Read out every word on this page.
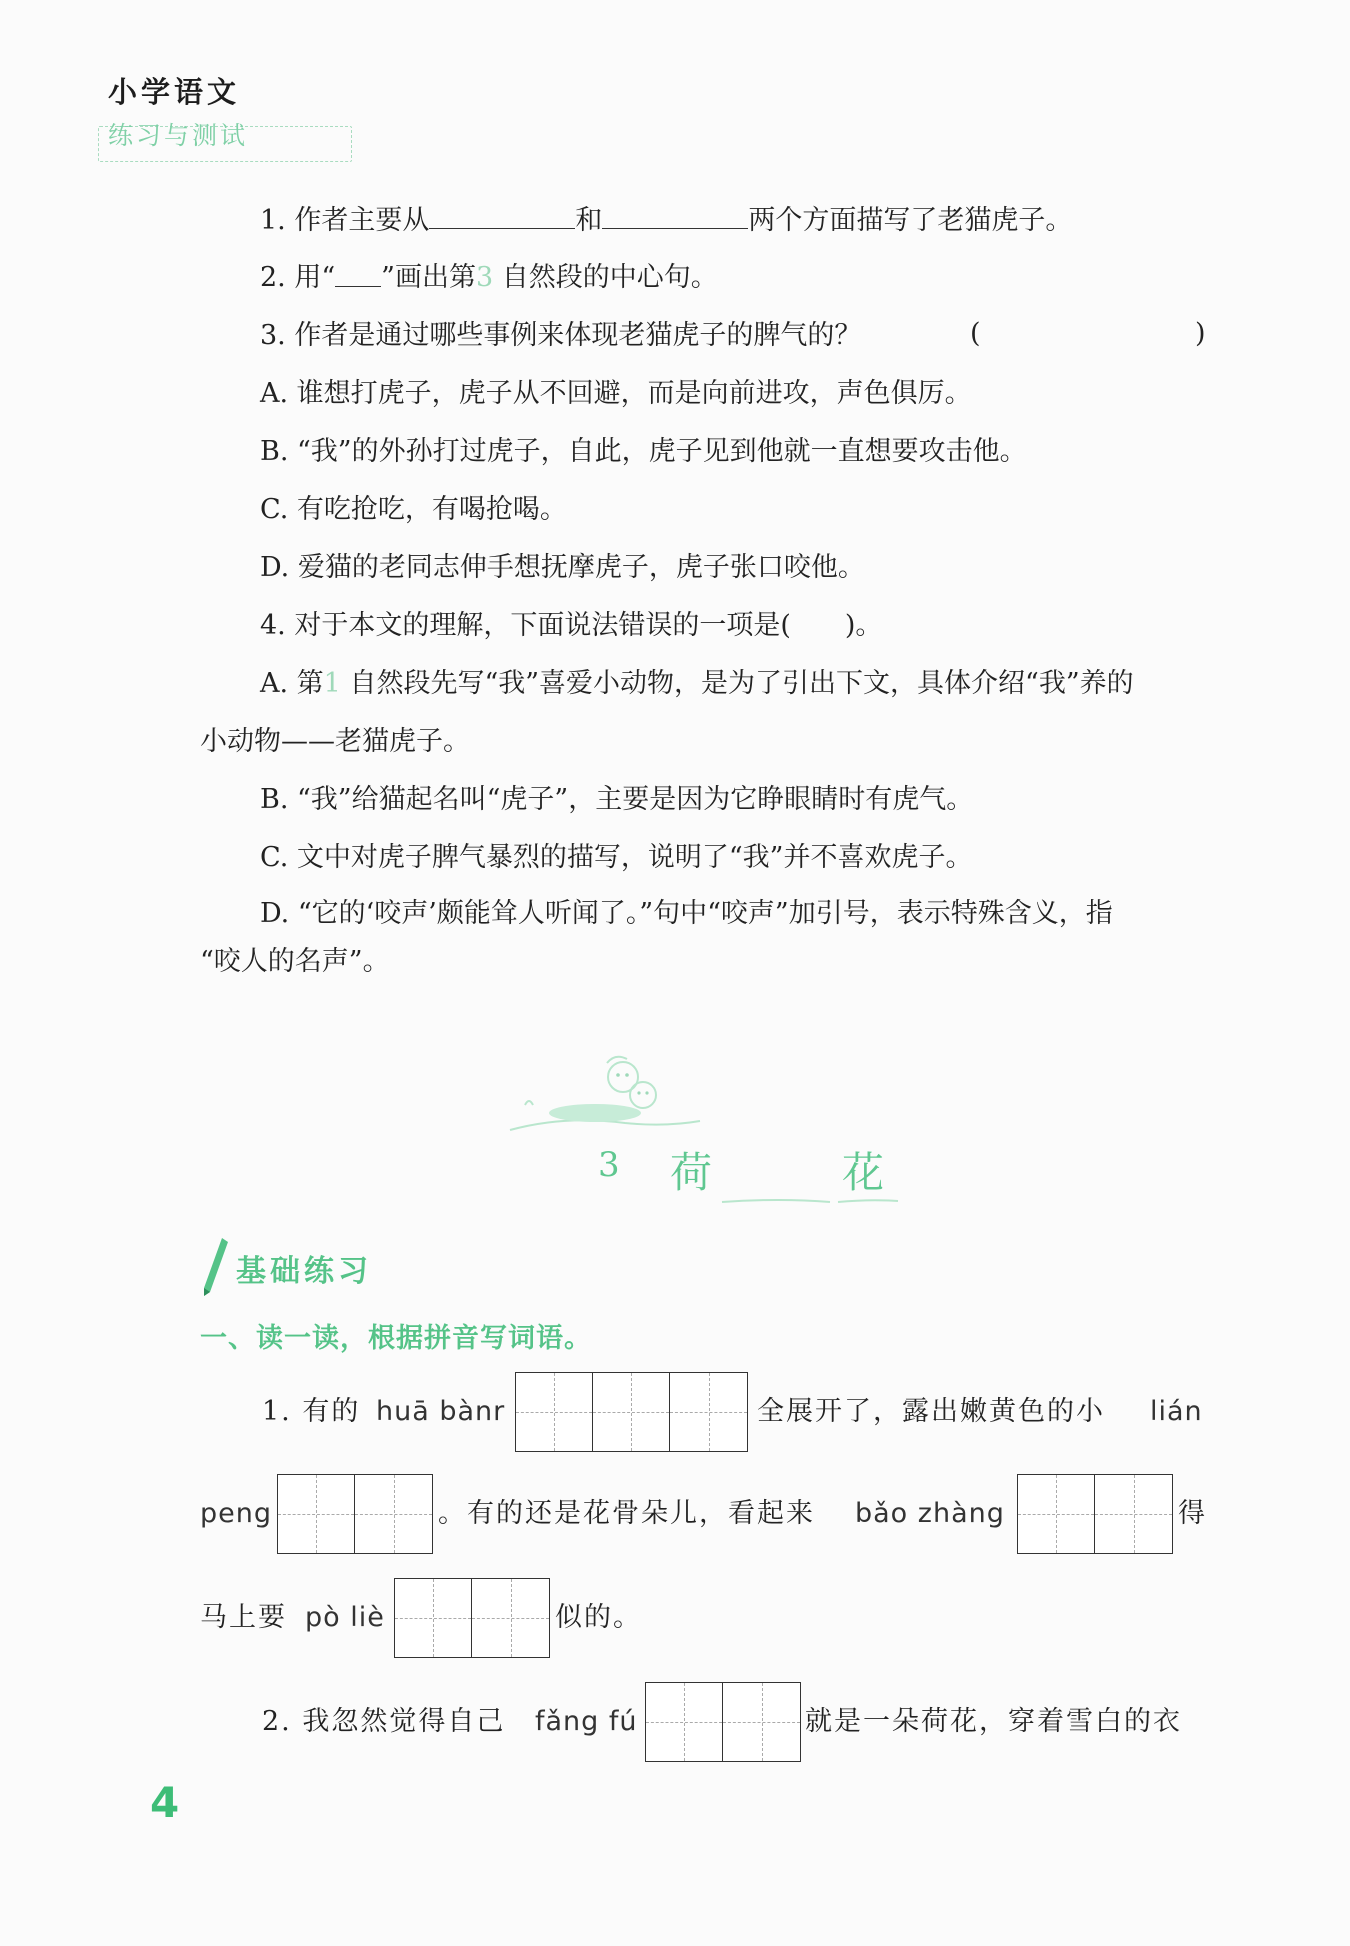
小学语文
练习与测试
1. 作者主要从	和	两个方面描写了老猫虎子。
2. 用“ ”画出第3 自然段的中心句。
3. 作者是通过哪些事例来体现老猫虎子的脾气的？	(	)
A. 谁想打虎子，虎子从不回避，而是向前进攻，声色俱厉。
B. “我”的外孙打过虎子，自此，虎子见到他就一直想要攻击他。
C. 有吃抢吃，有喝抢喝。
D. 爱猫的老同志伸手想抚摩虎子，虎子张口咬他。
4. 对于本文的理解，下面说法错误的一项是(　　)。
A. 第1 自然段先写“我”喜爱小动物，是为了引出下文，具体介绍“我”养的
小动物——老猫虎子。
B. “我”给猫起名叫“虎子”，主要是因为它睁眼睛时有虎气。
C. 文中对虎子脾气暴烈的描写，说明了“我”并不喜欢虎子。
D. “它的‘咬声’颇能耸人听闻了。”句中“咬声”加引号，表示特殊含义，指
“咬人的名声”。
3 荷　花
基础练习
一、读一读，根据拼音写词语。
1. 有的 huā bànr	全展开了，露出嫩黄色的小 lián
peng	。有的还是花骨朵儿，看起来 bǎo zhàng	得
马上要 pò liè	似的。
2. 我忽然觉得自己 fǎng fú	就是一朵荷花，穿着雪白的衣
4
